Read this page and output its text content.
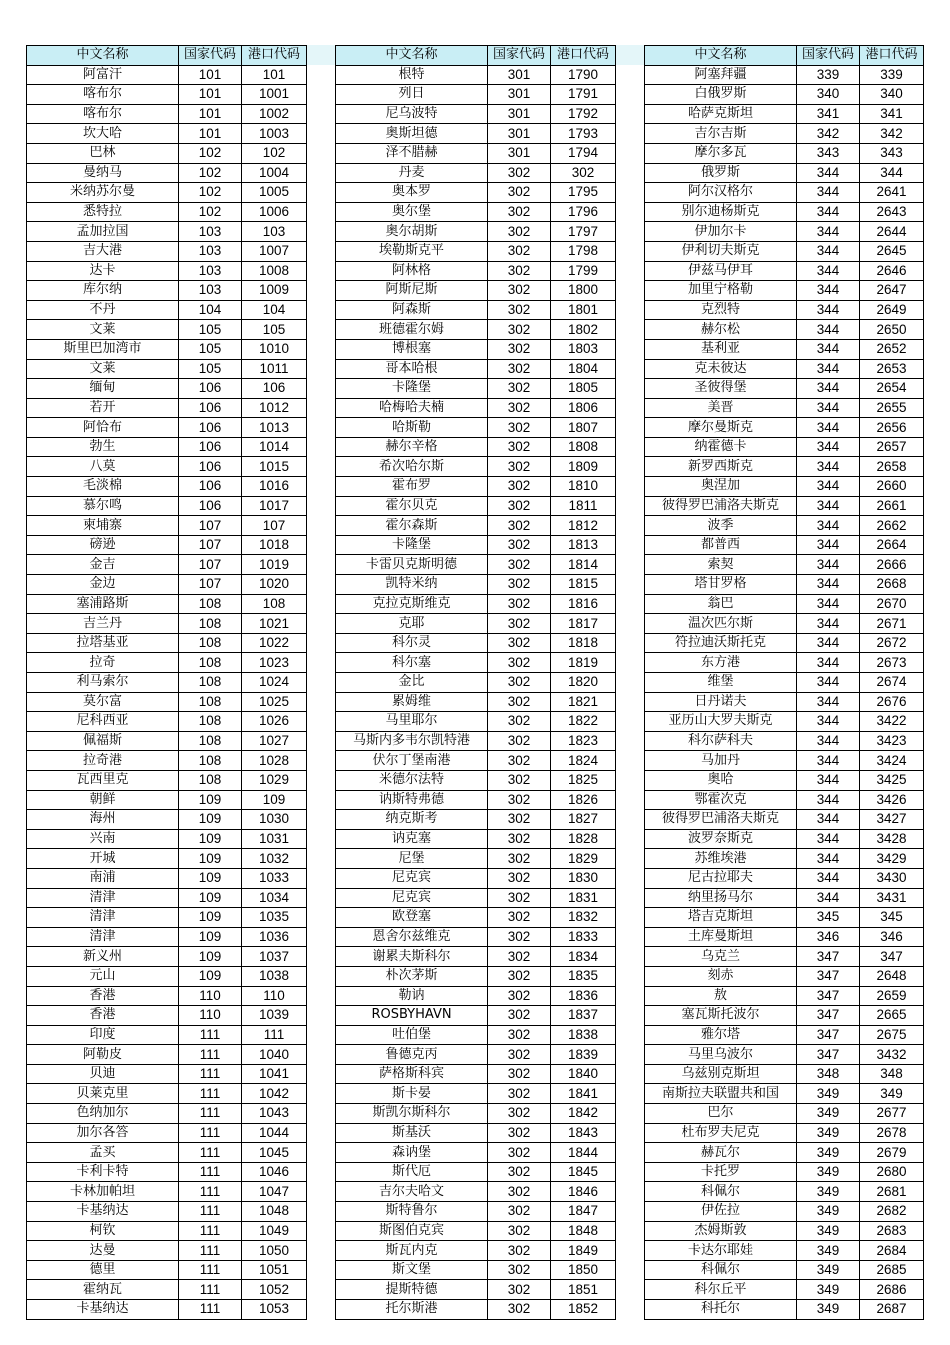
中文名称	国家代码	港口代码
阿富汗	101	101
喀布尔	101	1001
喀布尔	101	1002
坎大哈	101	1003
巴林	102	102
曼纳马	102	1004
米纳苏尔曼	102	1005
悉特拉	102	1006
孟加拉国	103	103
吉大港	103	1007
达卡	103	1008
库尔纳	103	1009
不丹	104	104
文莱	105	105
斯里巴加湾市	105	1010
文莱	105	1011
缅甸	106	106
若开	106	1012
阿恰布	106	1013
勃生	106	1014
八莫	106	1015
毛淡棉	106	1016
慕尔鸣	106	1017
柬埔寨	107	107
磅逊	107	1018
金吉	107	1019
金边	107	1020
塞浦路斯	108	108
吉兰丹	108	1021
拉塔基亚	108	1022
拉奇	108	1023
利马索尔	108	1024
莫尔富	108	1025
尼科西亚	108	1026
佩福斯	108	1027
拉奇港	108	1028
瓦西里克	108	1029
朝鲜	109	109
海州	109	1030
兴南	109	1031
开城	109	1032
南浦	109	1033
清津	109	1034
清津	109	1035
清津	109	1036
新义州	109	1037
元山	109	1038
香港	110	110
香港	110	1039
印度	111	111
阿勒皮	111	1040
贝迪	111	1041
贝莱克里	111	1042
色纳加尔	111	1043
加尔各答	111	1044
孟买	111	1045
卡利卡特	111	1046
卡林加帕坦	111	1047
卡基纳达	111	1048
柯钦	111	1049
达曼	111	1050
德里	111	1051
霍纳瓦	111	1052
卡基纳达	111	1053
中文名称	国家代码	港口代码
根特	301	1790
列日	301	1791
尼乌波特	301	1792
奥斯坦德	301	1793
泽不腊赫	301	1794
丹麦	302	302
奥本罗	302	1795
奥尔堡	302	1796
奥尔胡斯	302	1797
埃勒斯克平	302	1798
阿林格	302	1799
阿斯尼斯	302	1800
阿森斯	302	1801
班德霍尔姆	302	1802
博根塞	302	1803
哥本哈根	302	1804
卡隆堡	302	1805
哈梅哈夫楠	302	1806
哈斯勒	302	1807
赫尔辛格	302	1808
希次哈尔斯	302	1809
霍布罗	302	1810
霍尔贝克	302	1811
霍尔森斯	302	1812
卡隆堡	302	1813
卡雷贝克斯明德	302	1814
凯特米纳	302	1815
克拉克斯维克	302	1816
克耶	302	1817
科尔灵	302	1818
科尔塞	302	1819
金比	302	1820
累姆维	302	1821
马里耶尔	302	1822
马斯内多韦尔凯特港	302	1823
伏尔丁堡南港	302	1824
米德尔法特	302	1825
讷斯特弗德	302	1826
纳克斯考	302	1827
讷克塞	302	1828
尼堡	302	1829
尼克宾	302	1830
尼克宾	302	1831
欧登塞	302	1832
恩舍尔兹维克	302	1833
谢累夫斯科尔	302	1834
朴次茅斯	302	1835
勒讷	302	1836
ROSBYHAVN	302	1837
吐伯堡	302	1838
鲁德克丙	302	1839
萨格斯科宾	302	1840
斯卡晏	302	1841
斯凯尔斯科尔	302	1842
斯基沃	302	1843
森讷堡	302	1844
斯代厄	302	1845
吉尔夫哈文	302	1846
斯特鲁尔	302	1847
斯图伯克宾	302	1848
斯瓦内克	302	1849
斯文堡	302	1850
提斯特德	302	1851
托尔斯港	302	1852
中文名称	国家代码	港口代码
阿塞拜疆	339	339
白俄罗斯	340	340
哈萨克斯坦	341	341
吉尔吉斯	342	342
摩尔多瓦	343	343
俄罗斯	344	344
阿尔汉格尔	344	2641
别尔迪杨斯克	344	2643
伊加尔卡	344	2644
伊利切夫斯克	344	2645
伊兹马伊耳	344	2646
加里宁格勒	344	2647
克烈特	344	2649
赫尔松	344	2650
基利亚	344	2652
克未彼达	344	2653
圣彼得堡	344	2654
美晋	344	2655
摩尔曼斯克	344	2656
纳霍德卡	344	2657
新罗西斯克	344	2658
奥涅加	344	2660
彼得罗巴浦洛夫斯克	344	2661
波季	344	2662
都普西	344	2664
索契	344	2666
塔甘罗格	344	2668
翁巴	344	2670
温次匹尔斯	344	2671
符拉迪沃斯托克	344	2672
东方港	344	2673
维堡	344	2674
日丹诺夫	344	2676
亚历山大罗夫斯克	344	3422
科尔萨科夫	344	3423
马加丹	344	3424
奥哈	344	3425
鄂霍次克	344	3426
彼得罗巴浦洛夫斯克	344	3427
波罗奈斯克	344	3428
苏维埃港	344	3429
尼古拉耶夫	344	3430
纳里扬马尔	344	3431
塔吉克斯坦	345	345
土库曼斯坦	346	346
乌克兰	347	347
刻赤	347	2648
敖	347	2659
塞瓦斯托波尔	347	2665
雅尔塔	347	2675
马里乌波尔	347	3432
乌兹别克斯坦	348	348
南斯拉夫联盟共和国	349	349
巴尔	349	2677
杜布罗夫尼克	349	2678
赫瓦尔	349	2679
卡托罗	349	2680
科佩尔	349	2681
伊佐拉	349	2682
杰姆斯敦	349	2683
卡达尔耶娃	349	2684
科佩尔	349	2685
科尔丘平	349	2686
科托尔	349	2687
